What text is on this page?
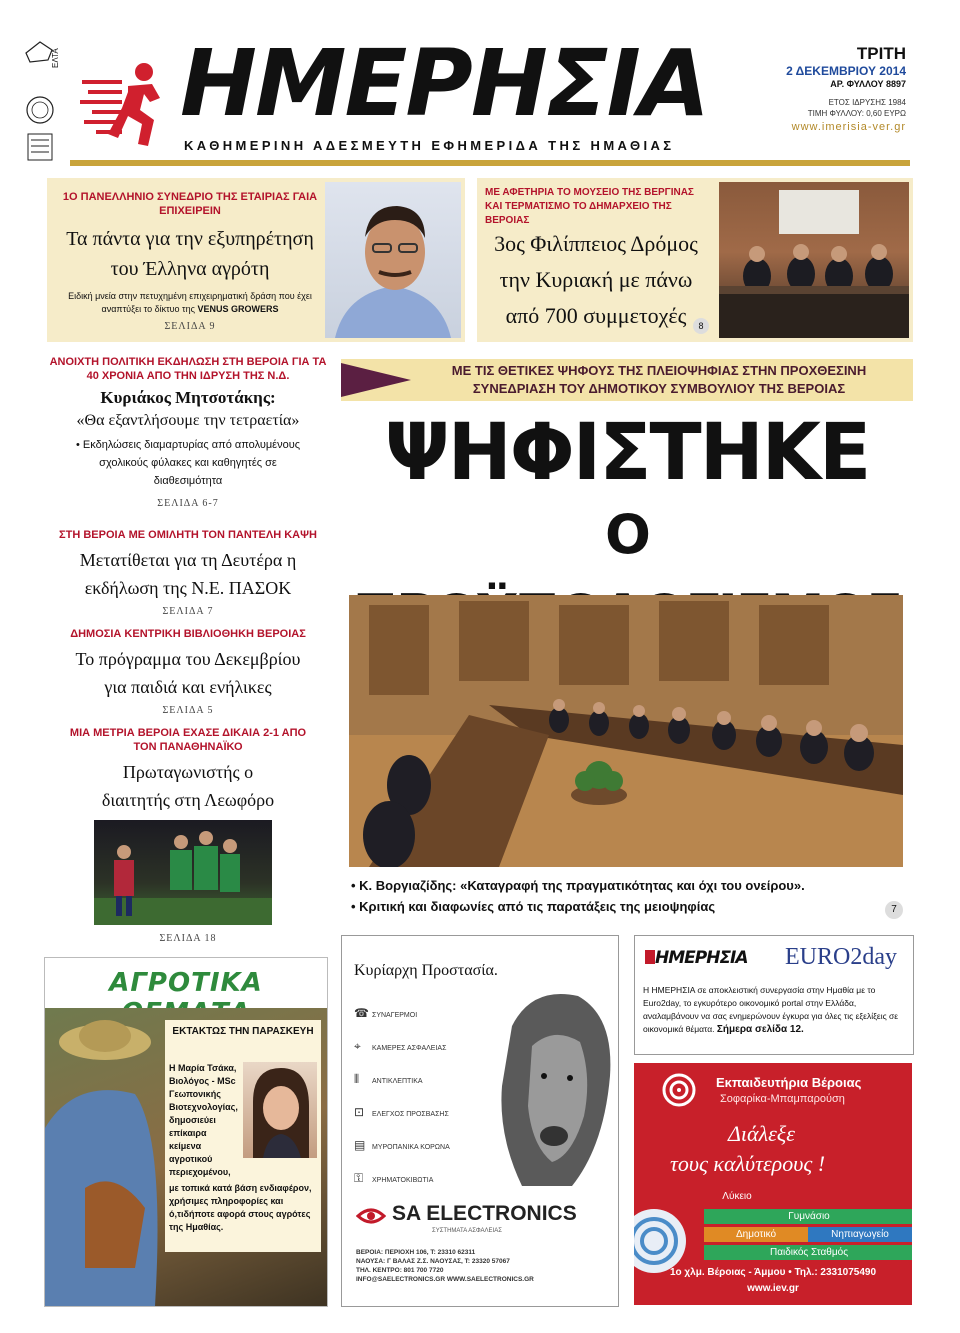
ΕΛΤΑ ΗΜΕΡΗΣΙΑ
ΚΑΘΗΜΕΡΙΝΗ ΑΔΕΣΜΕΥΤΗ ΕΦΗΜΕΡΙΔΑ ΤΗΣ ΗΜΑΘΙΑΣ
ΤΡΙΤΗ
2 ΔΕΚΕΜΒΡΙΟΥ 2014
ΑΡ. ΦΥΛΛΟΥ 8897
ΕΤΟΣ ΙΔΡΥΣΗΣ 1984
ΤΙΜΗ ΦΥΛΛΟΥ: 0,60 ΕΥΡΩ
www.imerisia-ver.gr
1Ο ΠΑΝΕΛΛΗΝΙΟ ΣΥΝΕΔΡΙΟ ΤΗΣ ΕΤΑΙΡΙΑΣ ΓΑΙΑ ΕΠΙΧΕΙΡΕΙΝ
Τα πάντα για την εξυπηρέτηση του Έλληνα αγρότη
Ειδική μνεία στην πετυχημένη επιχειρηματική δράση που έχει αναπτύξει το δίκτυο της VENUS GROWERS
ΣΕΛΙΔΑ 9
ΜΕ ΑΦΕΤΗΡΙΑ ΤΟ ΜΟΥΣΕΙΟ ΤΗΣ ΒΕΡΓΙΝΑΣ ΚΑΙ ΤΕΡΜΑΤΙΣΜΟ ΤΟ ΔΗΜΑΡΧΕΙΟ ΤΗΣ ΒΕΡΟΙΑΣ
3ος Φιλίππειος Δρόμος την Κυριακή με πάνω από 700 συμμετοχές	8
ΑΝΟΙΧΤΗ ΠΟΛΙΤΙΚΗ ΕΚΔΗΛΩΣΗ ΣΤΗ ΒΕΡΟΙΑ ΓΙΑ ΤΑ 40 ΧΡΟΝΙΑ ΑΠΟ ΤΗΝ ΙΔΡΥΣΗ ΤΗΣ Ν.Δ.
Κυριάκος Μητσοτάκης:
«Θα εξαντλήσουμε την τετραετία»
• Εκδηλώσεις διαμαρτυρίας από απολυμένους σχολικούς φύλακες και καθηγητές σε διαθεσιμότητα
ΣΕΛΙΔΑ 6-7
ΣΤΗ ΒΕΡΟΙΑ ΜΕ ΟΜΙΛΗΤΗ ΤΟΝ ΠΑΝΤΕΛΗ ΚΑΨΗ
Μετατίθεται για τη Δευτέρα η εκδήλωση της Ν.Ε. ΠΑΣΟΚ
ΣΕΛΙΔΑ 7
ΔΗΜΟΣΙΑ ΚΕΝΤΡΙΚΗ ΒΙΒΛΙΟΘΗΚΗ ΒΕΡΟΙΑΣ
Το πρόγραμμα του Δεκεμβρίου για παιδιά και ενήλικες
ΣΕΛΙΔΑ 5
ΜΙΑ ΜΕΤΡΙΑ ΒΕΡΟΙΑ ΕΧΑΣΕ ΔΙΚΑΙΑ 2-1 ΑΠΟ ΤΟΝ ΠΑΝΑΘΗΝΑΪΚΟ
Πρωταγωνιστής ο διαιτητής στη Λεωφόρο
ΣΕΛΙΔΑ 18
ΜΕ ΤΙΣ ΘΕΤΙΚΕΣ ΨΗΦΟΥΣ ΤΗΣ ΠΛΕΙΟΨΗΦΙΑΣ ΣΤΗΝ ΠΡΟΧΘΕΣΙΝΗ ΣΥΝΕΔΡΙΑΣΗ ΤΟΥ ΔΗΜΟΤΙΚΟΥ ΣΥΜΒΟΥΛΙΟΥ ΤΗΣ ΒΕΡΟΙΑΣ
ΨΗΦΙΣΤΗΚΕ
Ο
• Κ. Βοργιαζίδης: «Καταγραφή της πραγματικότητας και όχι του ονείρου».
• Κριτική και διαφωνίες από τις παρατάξεις της μειοψηφίας	7
ΑΓΡΟΤΙΚΑ
ΕΚΤΑΚΤΩΣ ΤΗΝ ΠΑΡΑΣΚΕΥΗ
Η Μαρία Τσάκα, Βιολόγος - MSc Γεωπονικής Βιοτεχνολογίας, δημοσιεύει επίκαιρα κείμενα αγροτικού περιεχομένου,
με τοπικά κατά βάση ενδιαφέρον, χρήσιμες πληροφορίες και ό,τιδήποτε αφορά στους αγρότες της Ημαθίας.
Κυρίαρχη Προστασία.
☎ ΣΥΝΑΓΕΡΜΟΙ
⌖ ΚΑΜΕΡΕΣ ΑΣΦΑΛΕΙΑΣ
⫴ ΑΝΤΙΚΛΕΠΤΙΚΑ
⊡ ΕΛΕΓΧΟΣ ΠΡΟΣΒΑΣΗΣ
▤ ΜΥΡΟΠΑΝΙΚΑ ΚΟΡΩΝΑ
⚿ ΧΡΗΜΑΤΟΚΙΒΩΤΙΑ
SA ELECTRONICS
ΣΥΣΤΗΜΑΤΑ ΑΣΦΑΛΕΙΑΣ
ΒΕΡΟΙΑ: ΠΕΡΙΟΧΗ 106, Τ: 23310 62311
ΝΑΟΥΣΑ: Γ ΒΑΛΑΣ Ζ.Σ. ΝΑΟΥΣΑΣ, Τ: 23320 57067
ΤΗΛ. ΚΕΝΤΡΟ: 801 700 7720
INFO@SAELECTRONICS.GR WWW.SAELECTRONICS.GR
ΗΜΕΡΗΣΙΑ EURO2day
Η ΗΜΕΡΗΣΙΑ σε αποκλειστική συνεργασία στην Ημαθία με το Euro2day, το εγκυρότερο οικονομικό portal στην Ελλάδα, αναλαμβάνουν να σας ενημερώνουν έγκυρα για όλες τις εξελίξεις σε οικονομικά θέματα. Σήμερα σελίδα 12.
Εκπαιδευτήρια Βέροιας
Σοφαρίκα-Μπαμπαρούση
Διάλεξε
τους καλύτερους !
Λύκειο
Γυμνάσιο
Δημοτικό	Νηπιαγωγείο
Παιδικός Σταθμός
1ο χλμ. Βέροιας - Άμμου • Τηλ.: 2331075490
www.iev.gr
